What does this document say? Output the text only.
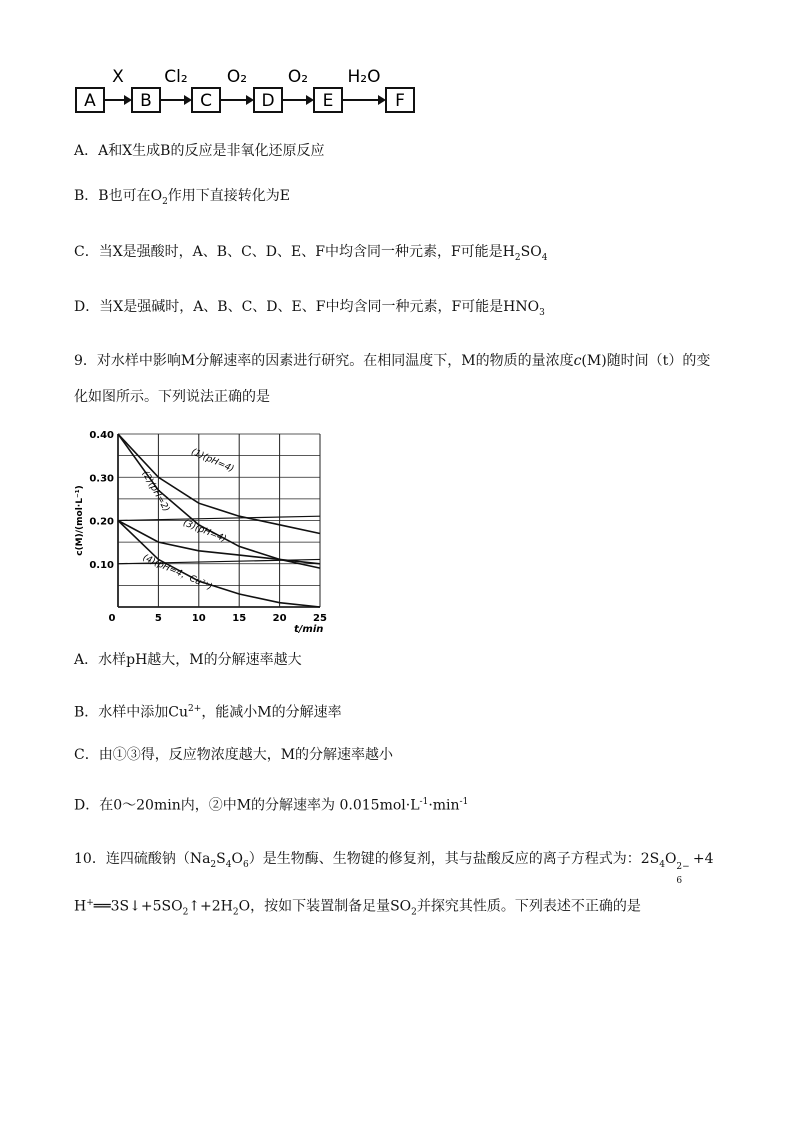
A	B	C	D	E	F
X Cl₂ O₂ O₂ H₂O
A．A和X生成B的反应是非氧化还原反应
B．B也可在$O_2$作用下直接转化为E
C．当X是强酸时，A、B、C、D、E、F中均含同一种元素，F可能是$H_2SO_4$
D．当X是强碱时，A、B、C、D、E、F中均含同一种元素，F可能是$HNO_3$
9．对水样中影响M分解速率的因素进行研究。在相同温度下，M的物质的量浓度c(M)随时间（t）的变
化如图所示。下列说法正确的是
0	5	10	15	20	25
0.10
0.20
0.30
0.40
(1)(pH=4)
(2)(pH=2)
(3)(pH=4)
(4)(pH=4，Cu²⁺)
t/min
c(M)/(mol·L⁻¹)
A．水样pH越大，M的分解速率越大
B．水样中添加$Cu^{2+}$，能减小M的分解速率
C．由①③得，反应物浓度越大，M的分解速率越小
D．在0～20min内，②中M的分解速率为 $0.015mol\cdot L^{-1}\cdot\min^{-1}$
10．连四硫酸钠$(Na_2S_4O_6)$是生物酶、生物键的修复剂，其与盐酸反应的离子方程式为：$2S_4O$ 2−
6
+4
$H^+══3S↓+5SO_2↑+2H_2O$，按如下装置制备足量$SO_2$并探究其性质。下列表述不正确的是
